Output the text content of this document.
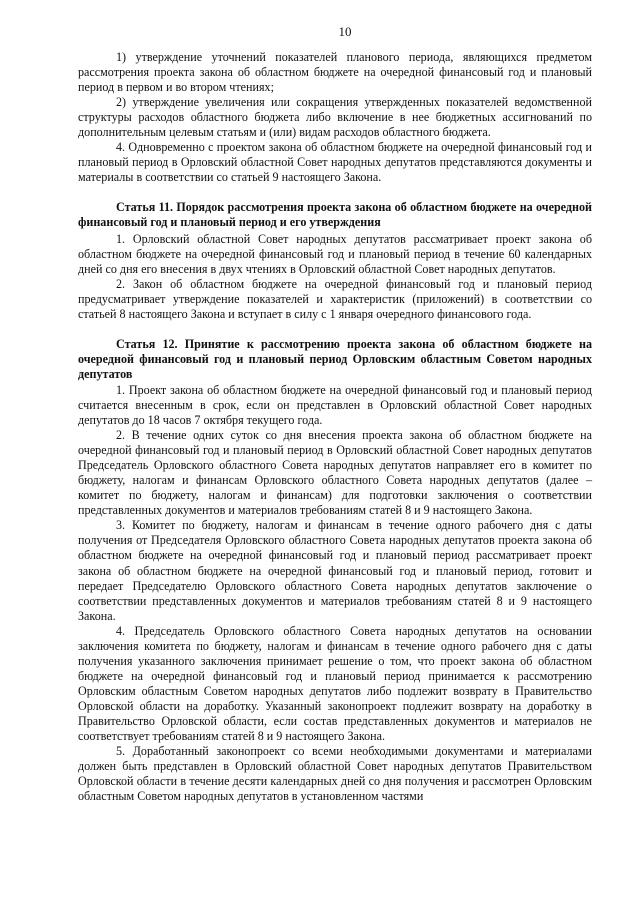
10

1) утверждение уточнений показателей планового периода, являющихся предметом рассмотрения проекта закона об областном бюджете на очередной финансовый год и плановый период в первом и во втором чтениях;

2) утверждение увеличения или сокращения утвержденных показателей ведомственной структуры расходов областного бюджета либо включение в нее бюджетных ассигнований по дополнительным целевым статьям и (или) видам расходов областного бюджета.

4. Одновременно с проектом закона об областном бюджете на очередной финансовый год и плановый период в Орловский областной Совет народных депутатов представляются документы и материалы в соответствии со статьей 9 настоящего Закона.

Статья 11. Порядок рассмотрения проекта закона об областном бюджете на очередной финансовый год и плановый период и его утверждения

1. Орловский областной Совет народных депутатов рассматривает проект закона об областном бюджете на очередной финансовый год и плановый период в течение 60 календарных дней со дня его внесения в двух чтениях в Орловский областной Совет народных депутатов.

2. Закон об областном бюджете на очередной финансовый год и плановый период предусматривает утверждение показателей и характеристик (приложений) в соответствии со статьей 8 настоящего Закона и вступает в силу с 1 января очередного финансового года.

Статья 12. Принятие к рассмотрению проекта закона об областном бюджете на очередной финансовый год и плановый период Орловским областным Советом народных депутатов

1. Проект закона об областном бюджете на очередной финансовый год и плановый период считается внесенным в срок, если он представлен в Орловский областной Совет народных депутатов до 18 часов 7 октября текущего года.

2. В течение одних суток со дня внесения проекта закона об областном бюджете на очередной финансовый год и плановый период в Орловский областной Совет народных депутатов Председатель Орловского областного Совета народных депутатов направляет его в комитет по бюджету, налогам и финансам Орловского областного Совета народных депутатов (далее – комитет по бюджету, налогам и финансам) для подготовки заключения о соответствии представленных документов и материалов требованиям статей 8 и 9 настоящего Закона.

3. Комитет по бюджету, налогам и финансам в течение одного рабочего дня с даты получения от Председателя Орловского областного Совета народных депутатов проекта закона об областном бюджете на очередной финансовый год и плановый период рассматривает проект закона об областном бюджете на очередной финансовый год и плановый период, готовит и передает Председателю Орловского областного Совета народных депутатов заключение о соответствии представленных документов и материалов требованиям статей 8 и 9 настоящего Закона.

4. Председатель Орловского областного Совета народных депутатов на основании заключения комитета по бюджету, налогам и финансам в течение одного рабочего дня с даты получения указанного заключения принимает решение о том, что проект закона об областном бюджете на очередной финансовый год и плановый период принимается к рассмотрению Орловским областным Советом народных депутатов либо подлежит возврату в Правительство Орловской области на доработку. Указанный законопроект подлежит возврату на доработку в Правительство Орловской области, если состав представленных документов и материалов не соответствует требованиям статей 8 и 9 настоящего Закона.

5. Доработанный законопроект со всеми необходимыми документами и материалами должен быть представлен в Орловский областной Совет народных депутатов Правительством Орловской области в течение десяти календарных дней со дня получения и рассмотрен Орловским областным Советом народных депутатов в установленном частями
